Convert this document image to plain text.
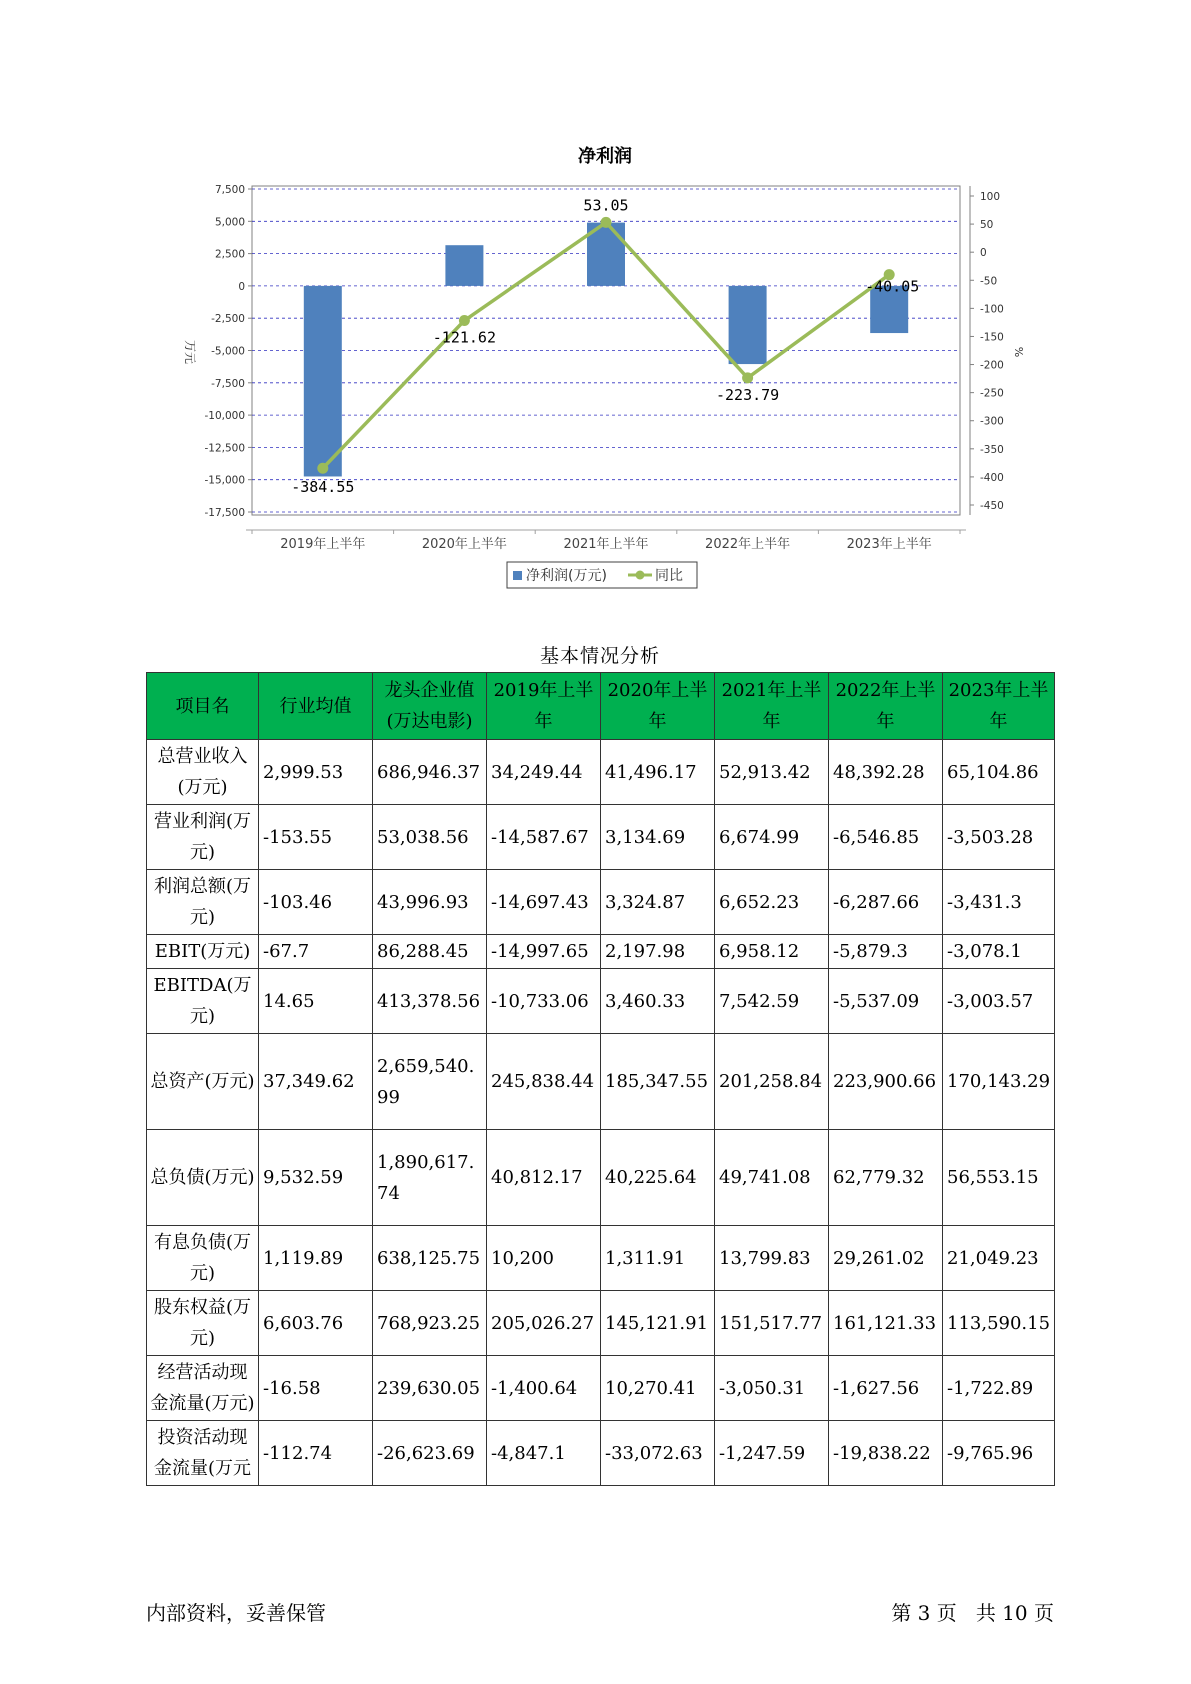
净利润
7,500
5,000
2,500
0
-2,500
-5,000
-7,500
-10,000
-12,500
-15,000
-17,500
万元
100
50
0
-50
-100
-150
-200
-250
-300
-350
-400
-450
%
2019年上半年	2020年上半年	2021年上半年	2022年上半年	2023年上半年
-384.55
-121.62
53.05
-223.79
-40.05
净利润(万元)	同比
基本情况分析
项目名	行业均值	龙头企业值(万达电影)	2019年上半年	2020年上半年	2021年上半年	2022年上半年	2023年上半年
总营业收入(万元)	2,999.53	686,946.37	34,249.44	41,496.17	52,913.42	48,392.28	65,104.86
营业利润(万元)	-153.55	53,038.56	-14,587.67	3,134.69	6,674.99	-6,546.85	-3,503.28
利润总额(万元)	-103.46	43,996.93	-14,697.43	3,324.87	6,652.23	-6,287.66	-3,431.3
EBIT(万元)	-67.7	86,288.45	-14,997.65	2,197.98	6,958.12	-5,879.3	-3,078.1
EBITDA(万元)	14.65	413,378.56	-10,733.06	3,460.33	7,542.59	-5,537.09	-3,003.57
总资产(万元)	37,349.62	2,659,540.99	245,838.44	185,347.55	201,258.84	223,900.66	170,143.29
总负债(万元)	9,532.59	1,890,617.74	40,812.17	40,225.64	49,741.08	62,779.32	56,553.15
有息负债(万元)	1,119.89	638,125.75	10,200	1,311.91	13,799.83	29,261.02	21,049.23
股东权益(万元)	6,603.76	768,923.25	205,026.27	145,121.91	151,517.77	161,121.33	113,590.15
经营活动现金流量(万元)	-16.58	239,630.05	-1,400.64	10,270.41	-3,050.31	-1,627.56	-1,722.89
投资活动现金流量(万元	-112.74	-26,623.69	-4,847.1	-33,072.63	-1,247.59	-19,838.22	-9,765.96
内部资料，妥善保管	第 3 页   共 10 页
